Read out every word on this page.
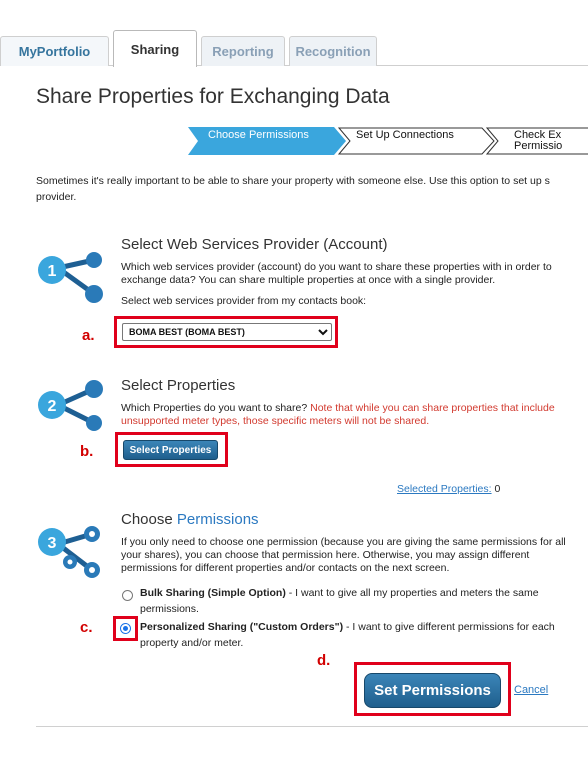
MyPortfolio	Sharing	Reporting Recognition
Share Properties for Exchanging Data
Choose Permissions	Set Up Connections	Check Ex
Permissio
Sometimes it's really important to be able to share your property with someone else. Use this option to set up s
provider.
1
Select Web Services Provider (Account)
Which web services provider (account) do you want to share these properties with in order to exchange data? You can share multiple properties at once with a single provider.
Select web services provider from my contacts book:
a.
BOMA BEST (BOMA BEST)
2
Select Properties
Which Properties do you want to share? Note that while you can share properties that include unsupported meter types, those specific meters will not be shared.
b.	Select Properties
Selected Properties: 0
3
Choose Permissions
If you only need to choose one permission (because you are giving the same permissions for all your shares), you can choose that permission here. Otherwise, you may assign different permissions for different properties and/or contacts on the next screen.
Bulk Sharing (Simple Option) - I want to give all my properties and meters the same permissions.
c.	Personalized Sharing ("Custom Orders") - I want to give different permissions for each property and/or meter.
d.
Set Permissions	Cancel
